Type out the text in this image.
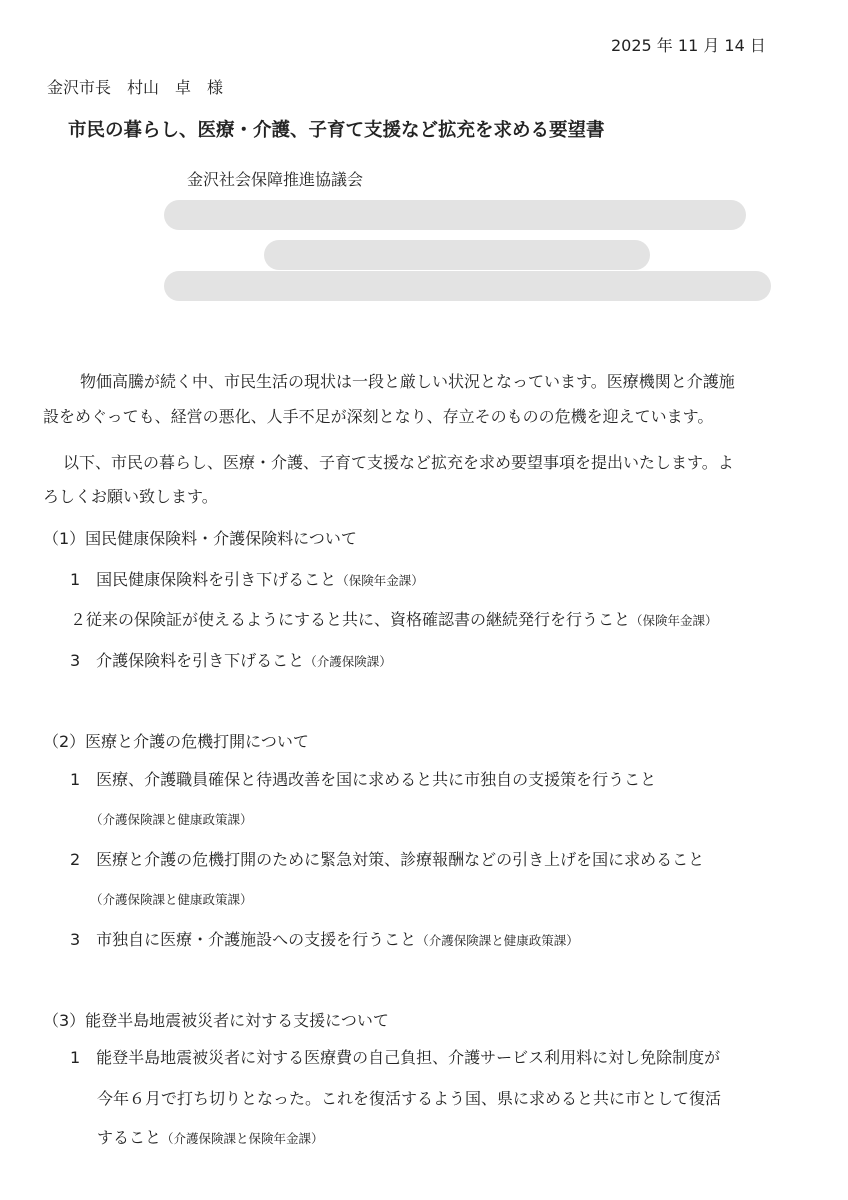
2025 年 11 月 14 日
金沢市長　村山　卓　様
市民の暮らし、医療・介護、子育て支援など拡充を求める要望書
金沢社会保障推進協議会
物価高騰が続く中、市民生活の現状は一段と厳しい状況となっています。医療機関と介護施
設をめぐっても、経営の悪化、人手不足が深刻となり、存立そのものの危機を迎えています。
以下、市民の暮らし、医療・介護、子育て支援など拡充を求め要望事項を提出いたします。よ
ろしくお願い致します。
（1）国民健康保険料・介護保険料について
1　国民健康保険料を引き下げること（保険年金課）
２従来の保険証が使えるようにすると共に、資格確認書の継続発行を行うこと（保険年金課）
3　介護保険料を引き下げること（介護保険課）
（2）医療と介護の危機打開について
1　医療、介護職員確保と待遇改善を国に求めると共に市独自の支援策を行うこと
（介護保険課と健康政策課）
2　医療と介護の危機打開のために緊急対策、診療報酬などの引き上げを国に求めること
（介護保険課と健康政策課）
3　市独自に医療・介護施設への支援を行うこと（介護保険課と健康政策課）
（3）能登半島地震被災者に対する支援について
1　能登半島地震被災者に対する医療費の自己負担、介護サービス利用料に対し免除制度が
今年６月で打ち切りとなった。これを復活するよう国、県に求めると共に市として復活
すること（介護保険課と保険年金課）
